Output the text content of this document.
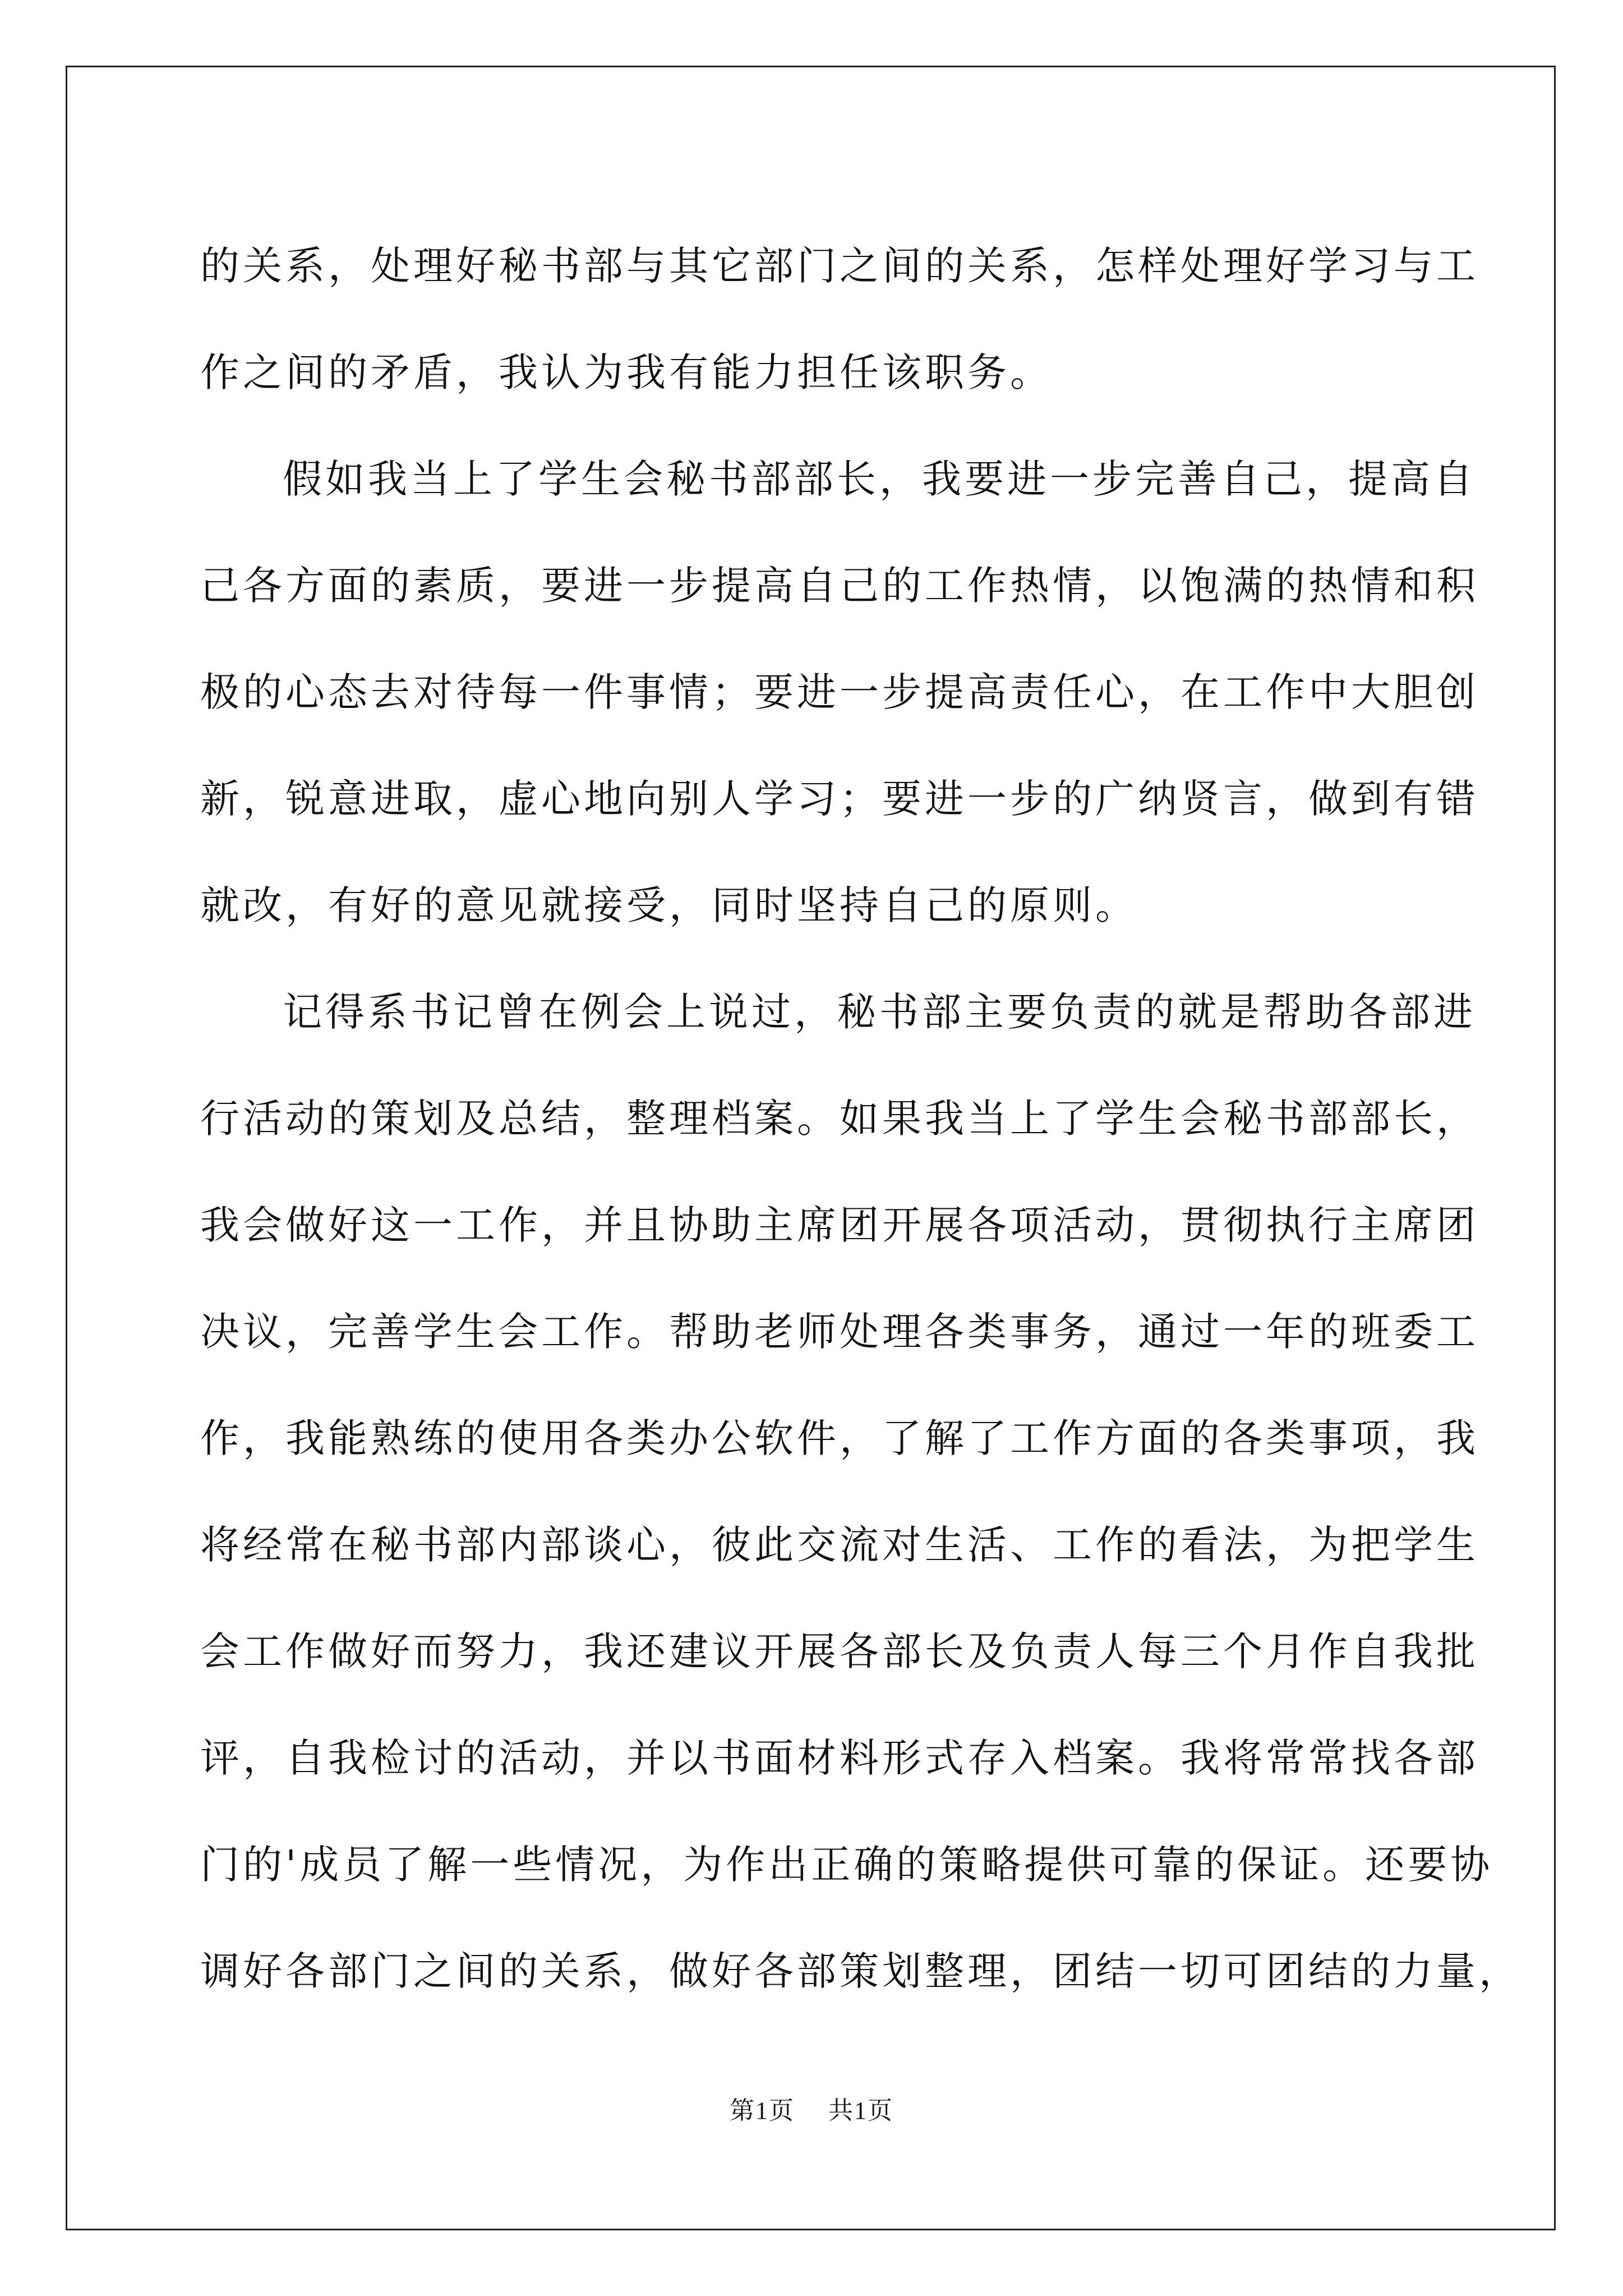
的关系，处理好秘书部与其它部门之间的关系，怎样处理好学习与工
作之间的矛盾，我认为我有能力担任该职务。
假如我当上了学生会秘书部部长，我要进一步完善自己，提高自
己各方面的素质，要进一步提高自己的工作热情，以饱满的热情和积
极的心态去对待每一件事情；要进一步提高责任心，在工作中大胆创
新，锐意进取，虚心地向别人学习；要进一步的广纳贤言，做到有错
就改，有好的意见就接受，同时坚持自己的原则。
记得系书记曾在例会上说过，秘书部主要负责的就是帮助各部进
行活动的策划及总结，整理档案。如果我当上了学生会秘书部部长，
我会做好这一工作，并且协助主席团开展各项活动，贯彻执行主席团
决议，完善学生会工作。帮助老师处理各类事务，通过一年的班委工
作，我能熟练的使用各类办公软件，了解了工作方面的各类事项，我
将经常在秘书部内部谈心，彼此交流对生活、工作的看法，为把学生
会工作做好而努力，我还建议开展各部长及负责人每三个月作自我批
评，自我检讨的活动，并以书面材料形式存入档案。我将常常找各部
门的'成员了解一些情况，为作出正确的策略提供可靠的保证。还要协
调好各部门之间的关系，做好各部策划整理，团结一切可团结的力量，
第1页 共1页
